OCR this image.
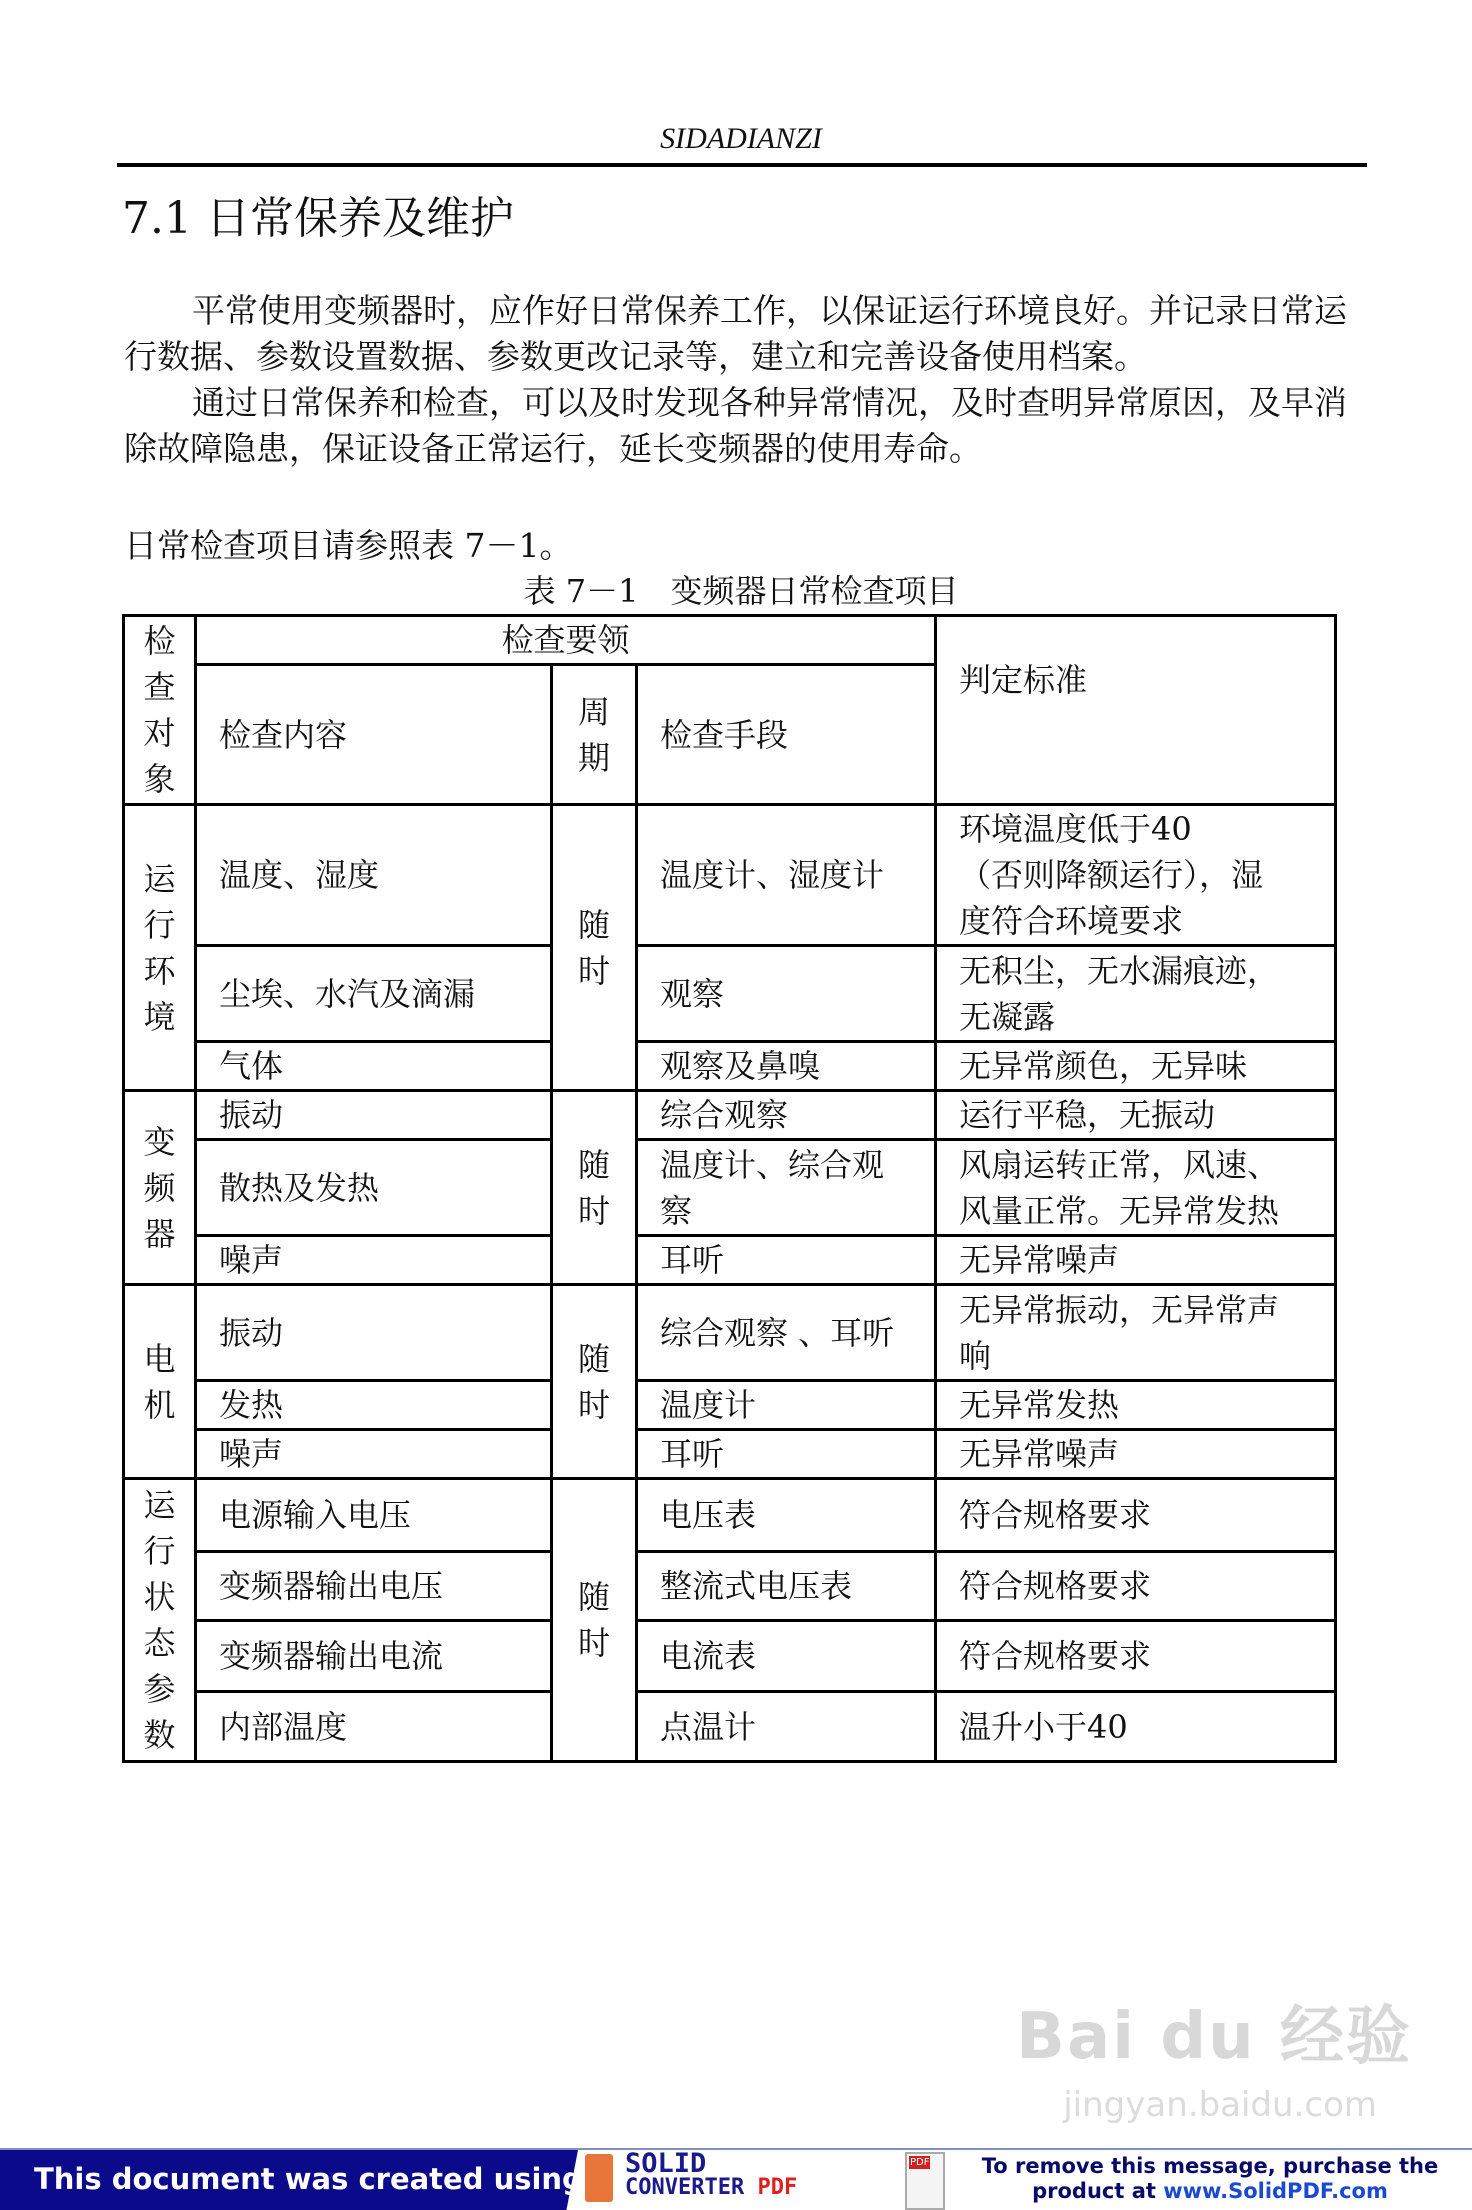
SIDADIANZI
7.1 日常保养及维护

平常使用变频器时，应作好日常保养工作，以保证运行环境良好。并记录日常运行数据、参数设置数据、参数更改记录等，建立和完善设备使用档案。

通过日常保养和检查，可以及时发现各种异常情况，及时查明异常原因，及早消除故障隐患，保证设备正常运行，延长变频器的使用寿命。

日常检查项目请参照表 7－1。
表 7－1　变频器日常检查项目
检查对象	检查要领			判定标准
	检查内容	周期	检查手段	
运行环境	温度、湿度	随时	温度计、湿度计	环境温度低于40
（否则降额运行），湿
度符合环境要求

	尘埃、水汽及滴漏		观察	无积尘，无水漏痕迹，
无凝露

	气体		观察及鼻嗅	无异常颜色，无异味

变频器	振动	随时	综合观察	运行平稳，无振动

	散热及发热		温度计、综合观
察	风扇运转正常，风速、
风量正常。无异常发热

	噪声		耳听	无异常噪声

电机	振动	随时	综合观察 、耳听	无异常振动，无异常声
响

	发热		温度计	无异常发热

	噪声		耳听	无异常噪声

运行状态参数	电源输入电压	随时	电压表	符合规格要求

	变频器输出电压		整流式电压表	符合规格要求

	变频器输出电流		电流表	符合规格要求

	内部温度		点温计	温升小于40
Bai du 经验
jingyan.baidu.com
This document was created using SOLID
CONVERTER PDF
PDF	To remove this message, purchase the
product at www.SolidPDF.com
